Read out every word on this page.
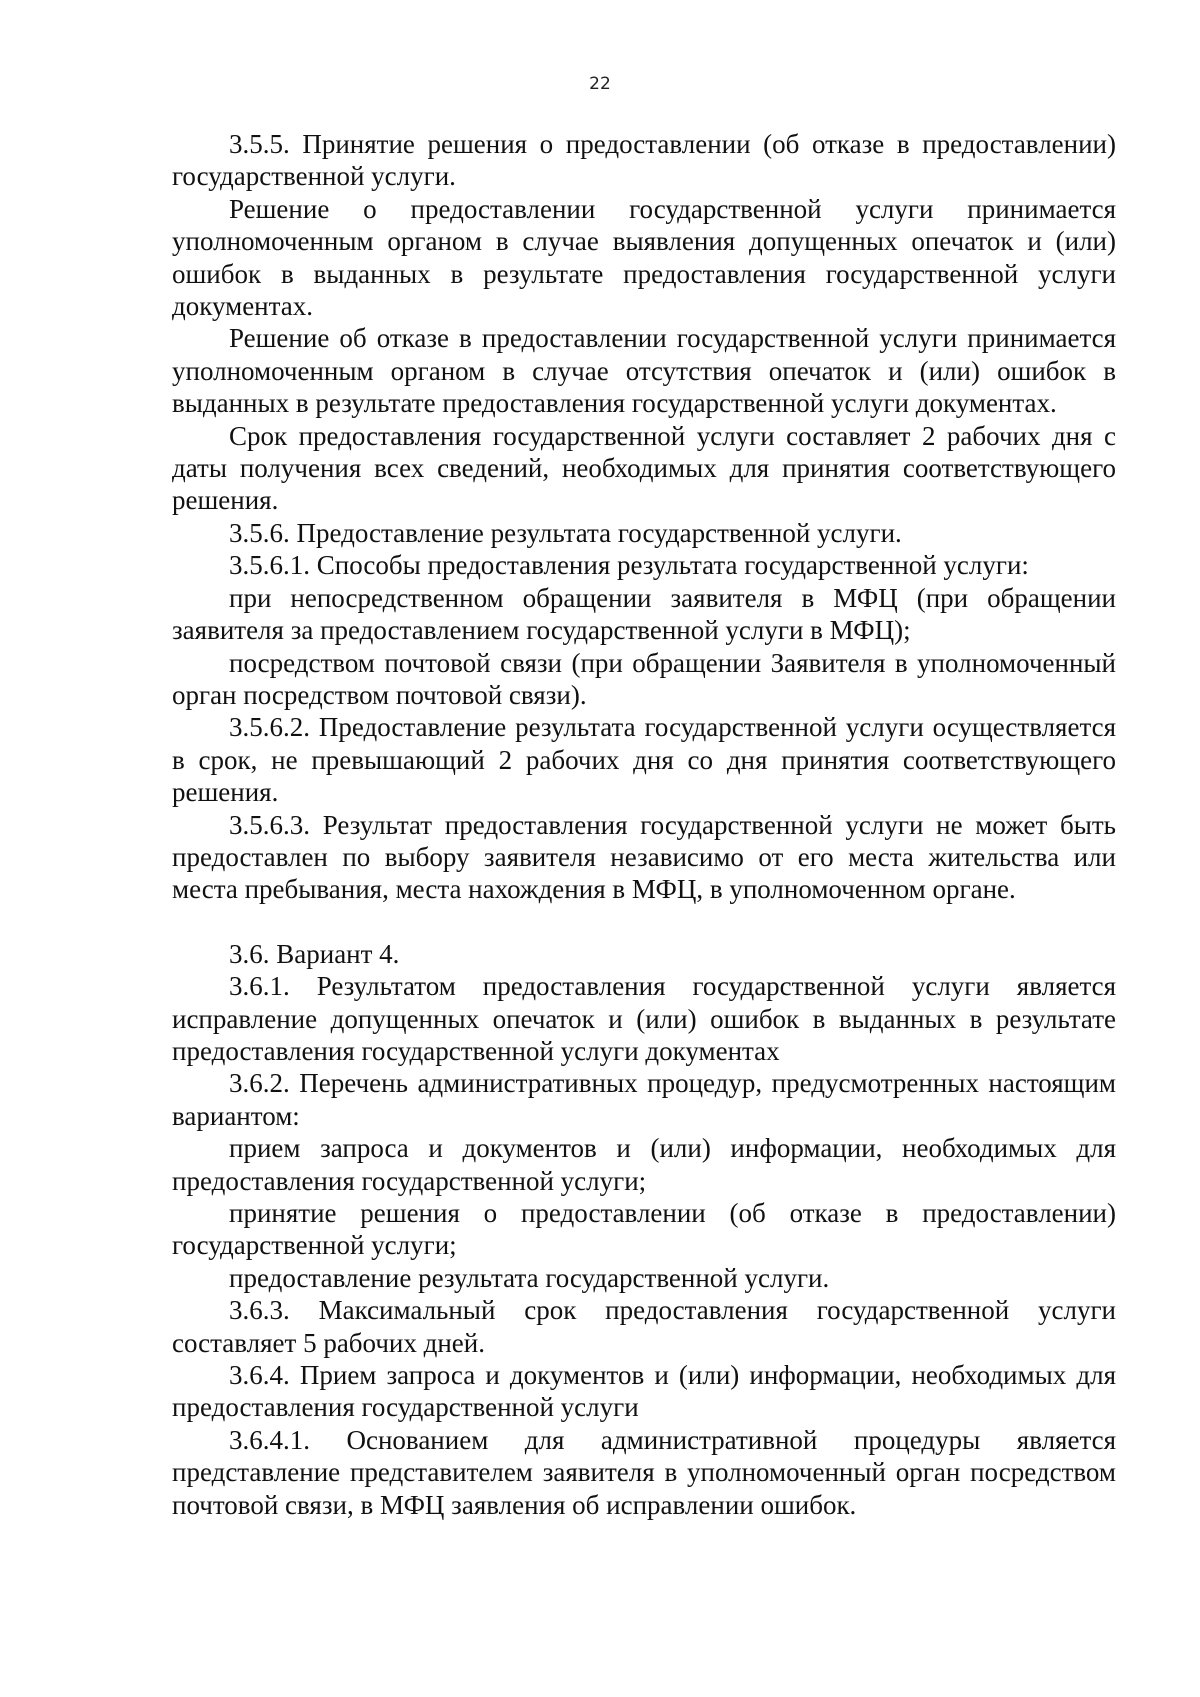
22

3.5.5. Принятие решения о предоставлении (об отказе в предоставлении) государственной услуги.

Решение о предоставлении государственной услуги принимается уполномоченным органом в случае выявления допущенных опечаток и (или) ошибок в выданных в результате предоставления государственной услуги документах.

Решение об отказе в предоставлении государственной услуги принимается уполномоченным органом в случае отсутствия опечаток и (или) ошибок в выданных в результате предоставления государственной услуги документах.

Срок предоставления государственной услуги составляет 2 рабочих дня с даты получения всех сведений, необходимых для принятия соответствующего решения.

3.5.6. Предоставление результата государственной услуги.

3.5.6.1. Способы предоставления результата государственной услуги:

при непосредственном обращении заявителя в МФЦ (при обращении заявителя за предоставлением государственной услуги в МФЦ);

посредством почтовой связи (при обращении Заявителя в уполномоченный орган посредством почтовой связи).

3.5.6.2. Предоставление результата государственной услуги осуществляется в срок, не превышающий 2 рабочих дня со дня принятия соответствующего решения.

3.5.6.3. Результат предоставления государственной услуги не может быть предоставлен по выбору заявителя независимо от его места жительства или места пребывания, места нахождения в МФЦ, в уполномоченном органе.

3.6. Вариант 4.

3.6.1. Результатом предоставления государственной услуги является исправление допущенных опечаток и (или) ошибок в выданных в результате предоставления государственной услуги документах

3.6.2. Перечень административных процедур, предусмотренных настоящим вариантом:

прием запроса и документов и (или) информации, необходимых для предоставления государственной услуги;

принятие решения о предоставлении (об отказе в предоставлении) государственной услуги;

предоставление результата государственной услуги.

3.6.3. Максимальный срок предоставления государственной услуги составляет 5 рабочих дней.

3.6.4. Прием запроса и документов и (или) информации, необходимых для предоставления государственной услуги

3.6.4.1. Основанием для административной процедуры является представление представителем заявителя в уполномоченный орган посредством почтовой связи, в МФЦ заявления об исправлении ошибок.
